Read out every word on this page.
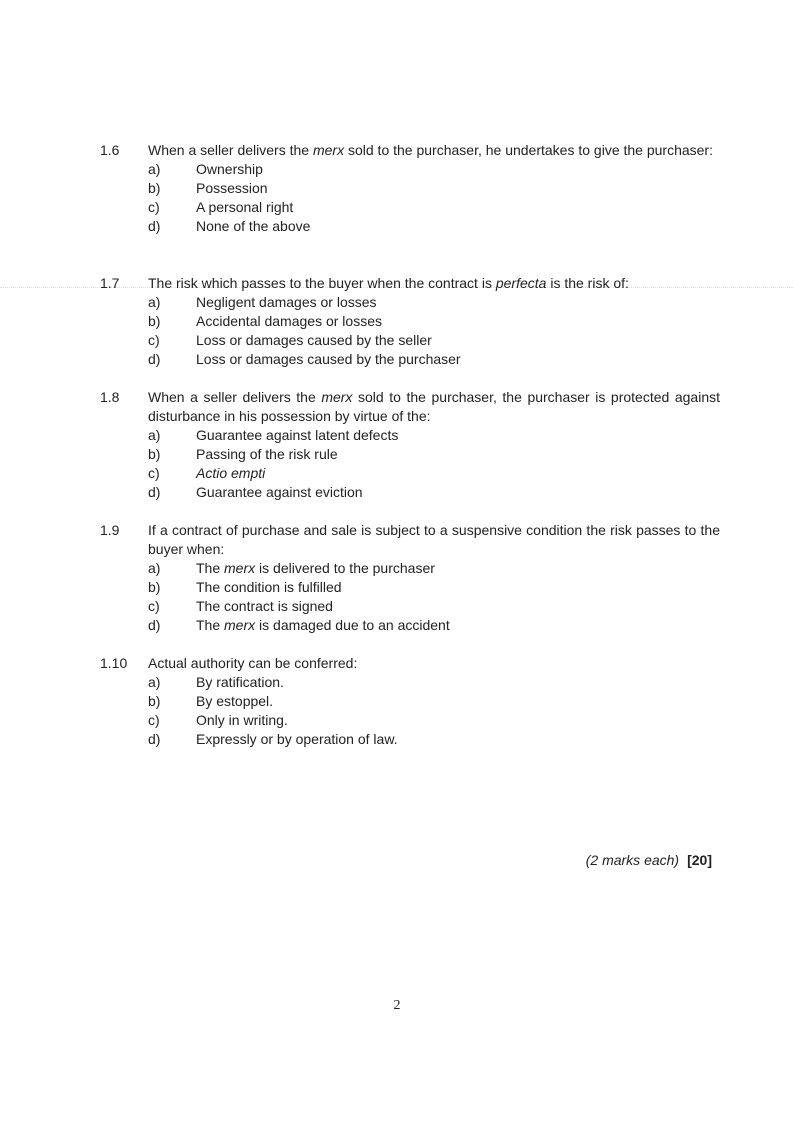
1.6	When a seller delivers the merx sold to the purchaser, he undertakes to give the purchaser:
a)	Ownership
b)	Possession
c)	A personal right
d)	None of the above
1.7	The risk which passes to the buyer when the contract is perfecta is the risk of:
a)	Negligent damages or losses
b)	Accidental damages or losses
c)	Loss or damages caused by the seller
d)	Loss or damages caused by the purchaser
1.8	When a seller delivers the merx sold to the purchaser, the purchaser is protected against disturbance in his possession by virtue of the:
a)	Guarantee against latent defects
b)	Passing of the risk rule
c)	Actio empti
d)	Guarantee against eviction
1.9	If a contract of purchase and sale is subject to a suspensive condition the risk passes to the buyer when:
a)	The merx is delivered to the purchaser
b)	The condition is fulfilled
c)	The contract is signed
d)	The merx is damaged due to an accident
1.10	Actual authority can be conferred:
a)	By ratification.
b)	By estoppel.
c)	Only in writing.
d)	Expressly or by operation of law.
(2 marks each) [20]
2
